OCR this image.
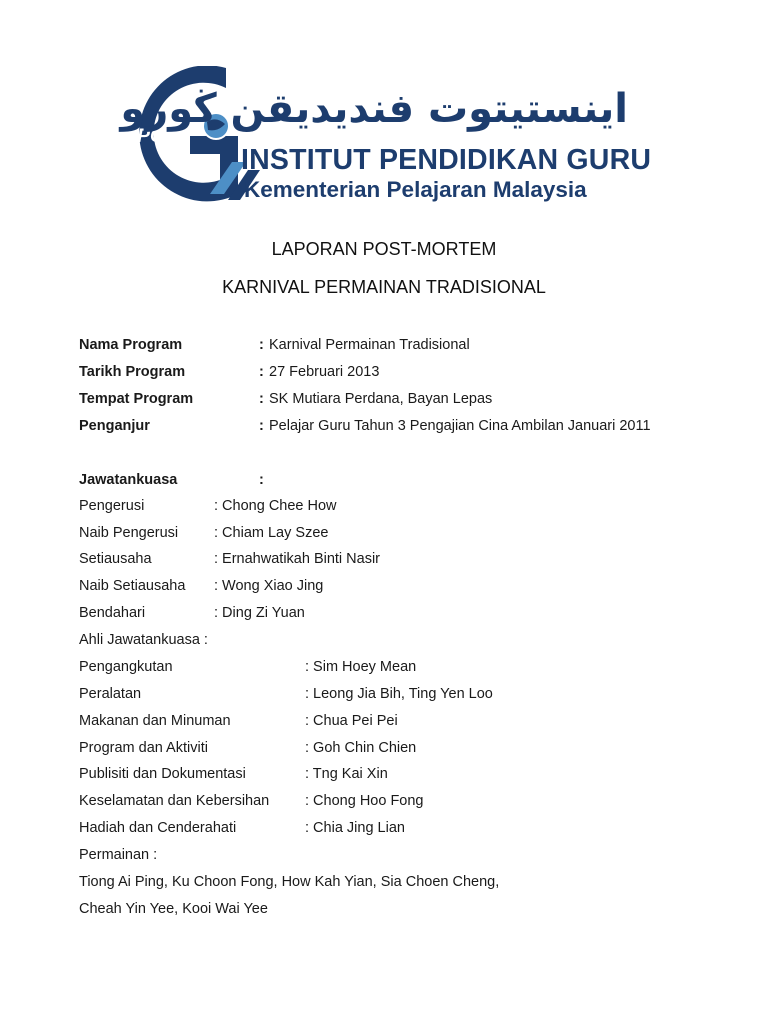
iPG
اينستيتوت فنديديقن ڬورو
INSTITUT PENDIDIKAN GURU
Kementerian Pelajaran Malaysia
LAPORAN POST-MORTEM
KARNIVAL PERMAINAN TRADISIONAL
Nama Program	: Karnival Permainan Tradisional
Tarikh Program	: 27 Februari 2013
Tempat Program	: SK Mutiara Perdana, Bayan Lepas
Penganjur	: Pelajar Guru Tahun 3 Pengajian Cina Ambilan Januari 2011
Jawatankuasa	:
Pengerusi	: Chong Chee How
Naib Pengerusi : Chiam Lay Szee
Setiausaha	: Ernahwatikah Binti Nasir
Naib Setiausaha : Wong Xiao Jing
Bendahari	: Ding Zi Yuan
Ahli Jawatankuasa :
Pengangkutan	: Sim Hoey Mean
Peralatan	: Leong Jia Bih, Ting Yen Loo
Makanan dan Minuman	: Chua Pei Pei
Program dan Aktiviti	: Goh Chin Chien
Publisiti dan Dokumentasi	: Tng Kai Xin
Keselamatan dan Kebersihan : Chong Hoo Fong
Hadiah dan Cenderahati	: Chia Jing Lian
Permainan :
Tiong Ai Ping, Ku Choon Fong, How Kah Yian, Sia Choen Cheng,
Cheah Yin Yee, Kooi Wai Yee
